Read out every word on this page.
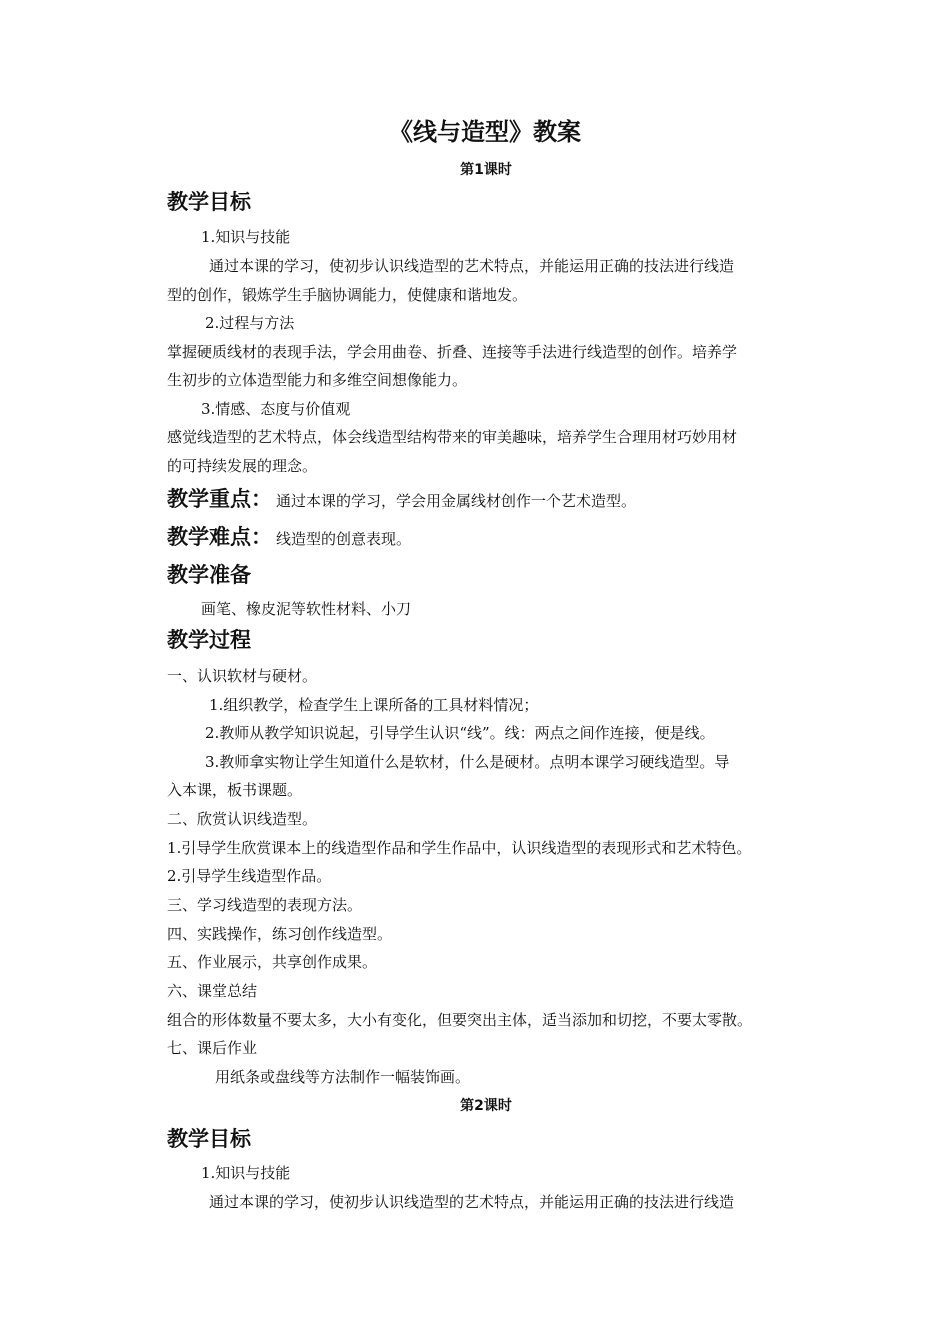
《线与造型》教案
第1课时
教学目标
1.知识与技能
通过本课的学习，使初步认识线造型的艺术特点，并能运用正确的技法进行线造
型的创作，锻炼学生手脑协调能力，使健康和谐地发。
2.过程与方法
掌握硬质线材的表现手法，学会用曲卷、折叠、连接等手法进行线造型的创作。培养学
生初步的立体造型能力和多维空间想像能力。
3.情感、态度与价值观
感觉线造型的艺术特点，体会线造型结构带来的审美趣味，培养学生合理用材巧妙用材
的可持续发展的理念。
教学重点： 通过本课的学习，学会用金属线材创作一个艺术造型。
教学难点： 线造型的创意表现。
教学准备
画笔、橡皮泥等软性材料、小刀
教学过程
一、认识软材与硬材。
1.组织教学，检查学生上课所备的工具材料情况；
2.教师从教学知识说起，引导学生认识“线”。线：两点之间作连接，便是线。
3.教师拿实物让学生知道什么是软材，什么是硬材。点明本课学习硬线造型。导
入本课，板书课题。
二、欣赏认识线造型。
1.引导学生欣赏课本上的线造型作品和学生作品中，认识线造型的表现形式和艺术特色。
2.引导学生线造型作品。
三、学习线造型的表现方法。
四、实践操作，练习创作线造型。
五、作业展示，共享创作成果。
六、课堂总结
组合的形体数量不要太多，大小有变化，但要突出主体，适当添加和切挖，不要太零散。
七、课后作业
用纸条或盘线等方法制作一幅装饰画。
第2课时
教学目标
1.知识与技能
通过本课的学习，使初步认识线造型的艺术特点，并能运用正确的技法进行线造
